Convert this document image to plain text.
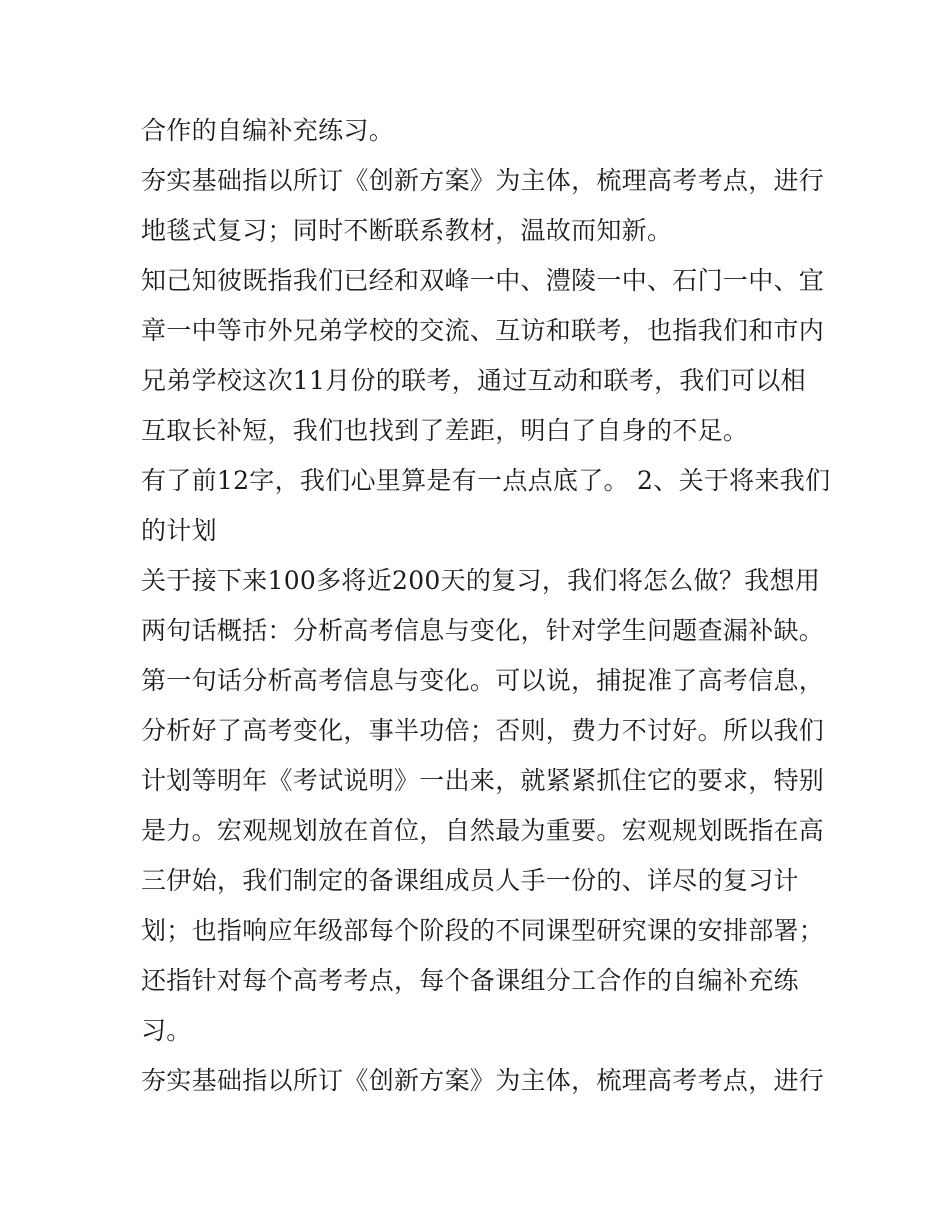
合作的自编补充练习。
夯实基础指以所订《创新方案》为主体，梳理高考考点，进行
地毯式复习；同时不断联系教材，温故而知新。
知己知彼既指我们已经和双峰一中、澧陵一中、石门一中、宜
章一中等市外兄弟学校的交流、互访和联考，也指我们和市内
兄弟学校这次11月份的联考，通过互动和联考，我们可以相
互取长补短，我们也找到了差距，明白了自身的不足。
有了前12字，我们心里算是有一点点底了。 2、关于将来我们
的计划
关于接下来100多将近200天的复习，我们将怎么做？我想用
两句话概括：分析高考信息与变化，针对学生问题查漏补缺。
第一句话分析高考信息与变化。可以说，捕捉准了高考信息，
分析好了高考变化，事半功倍；否则，费力不讨好。所以我们
计划等明年《考试说明》一出来，就紧紧抓住它的要求，特别
是力。宏观规划放在首位，自然最为重要。宏观规划既指在高
三伊始，我们制定的备课组成员人手一份的、详尽的复习计
划；也指响应年级部每个阶段的不同课型研究课的安排部署；
还指针对每个高考考点，每个备课组分工合作的自编补充练
习。
夯实基础指以所订《创新方案》为主体，梳理高考考点，进行
